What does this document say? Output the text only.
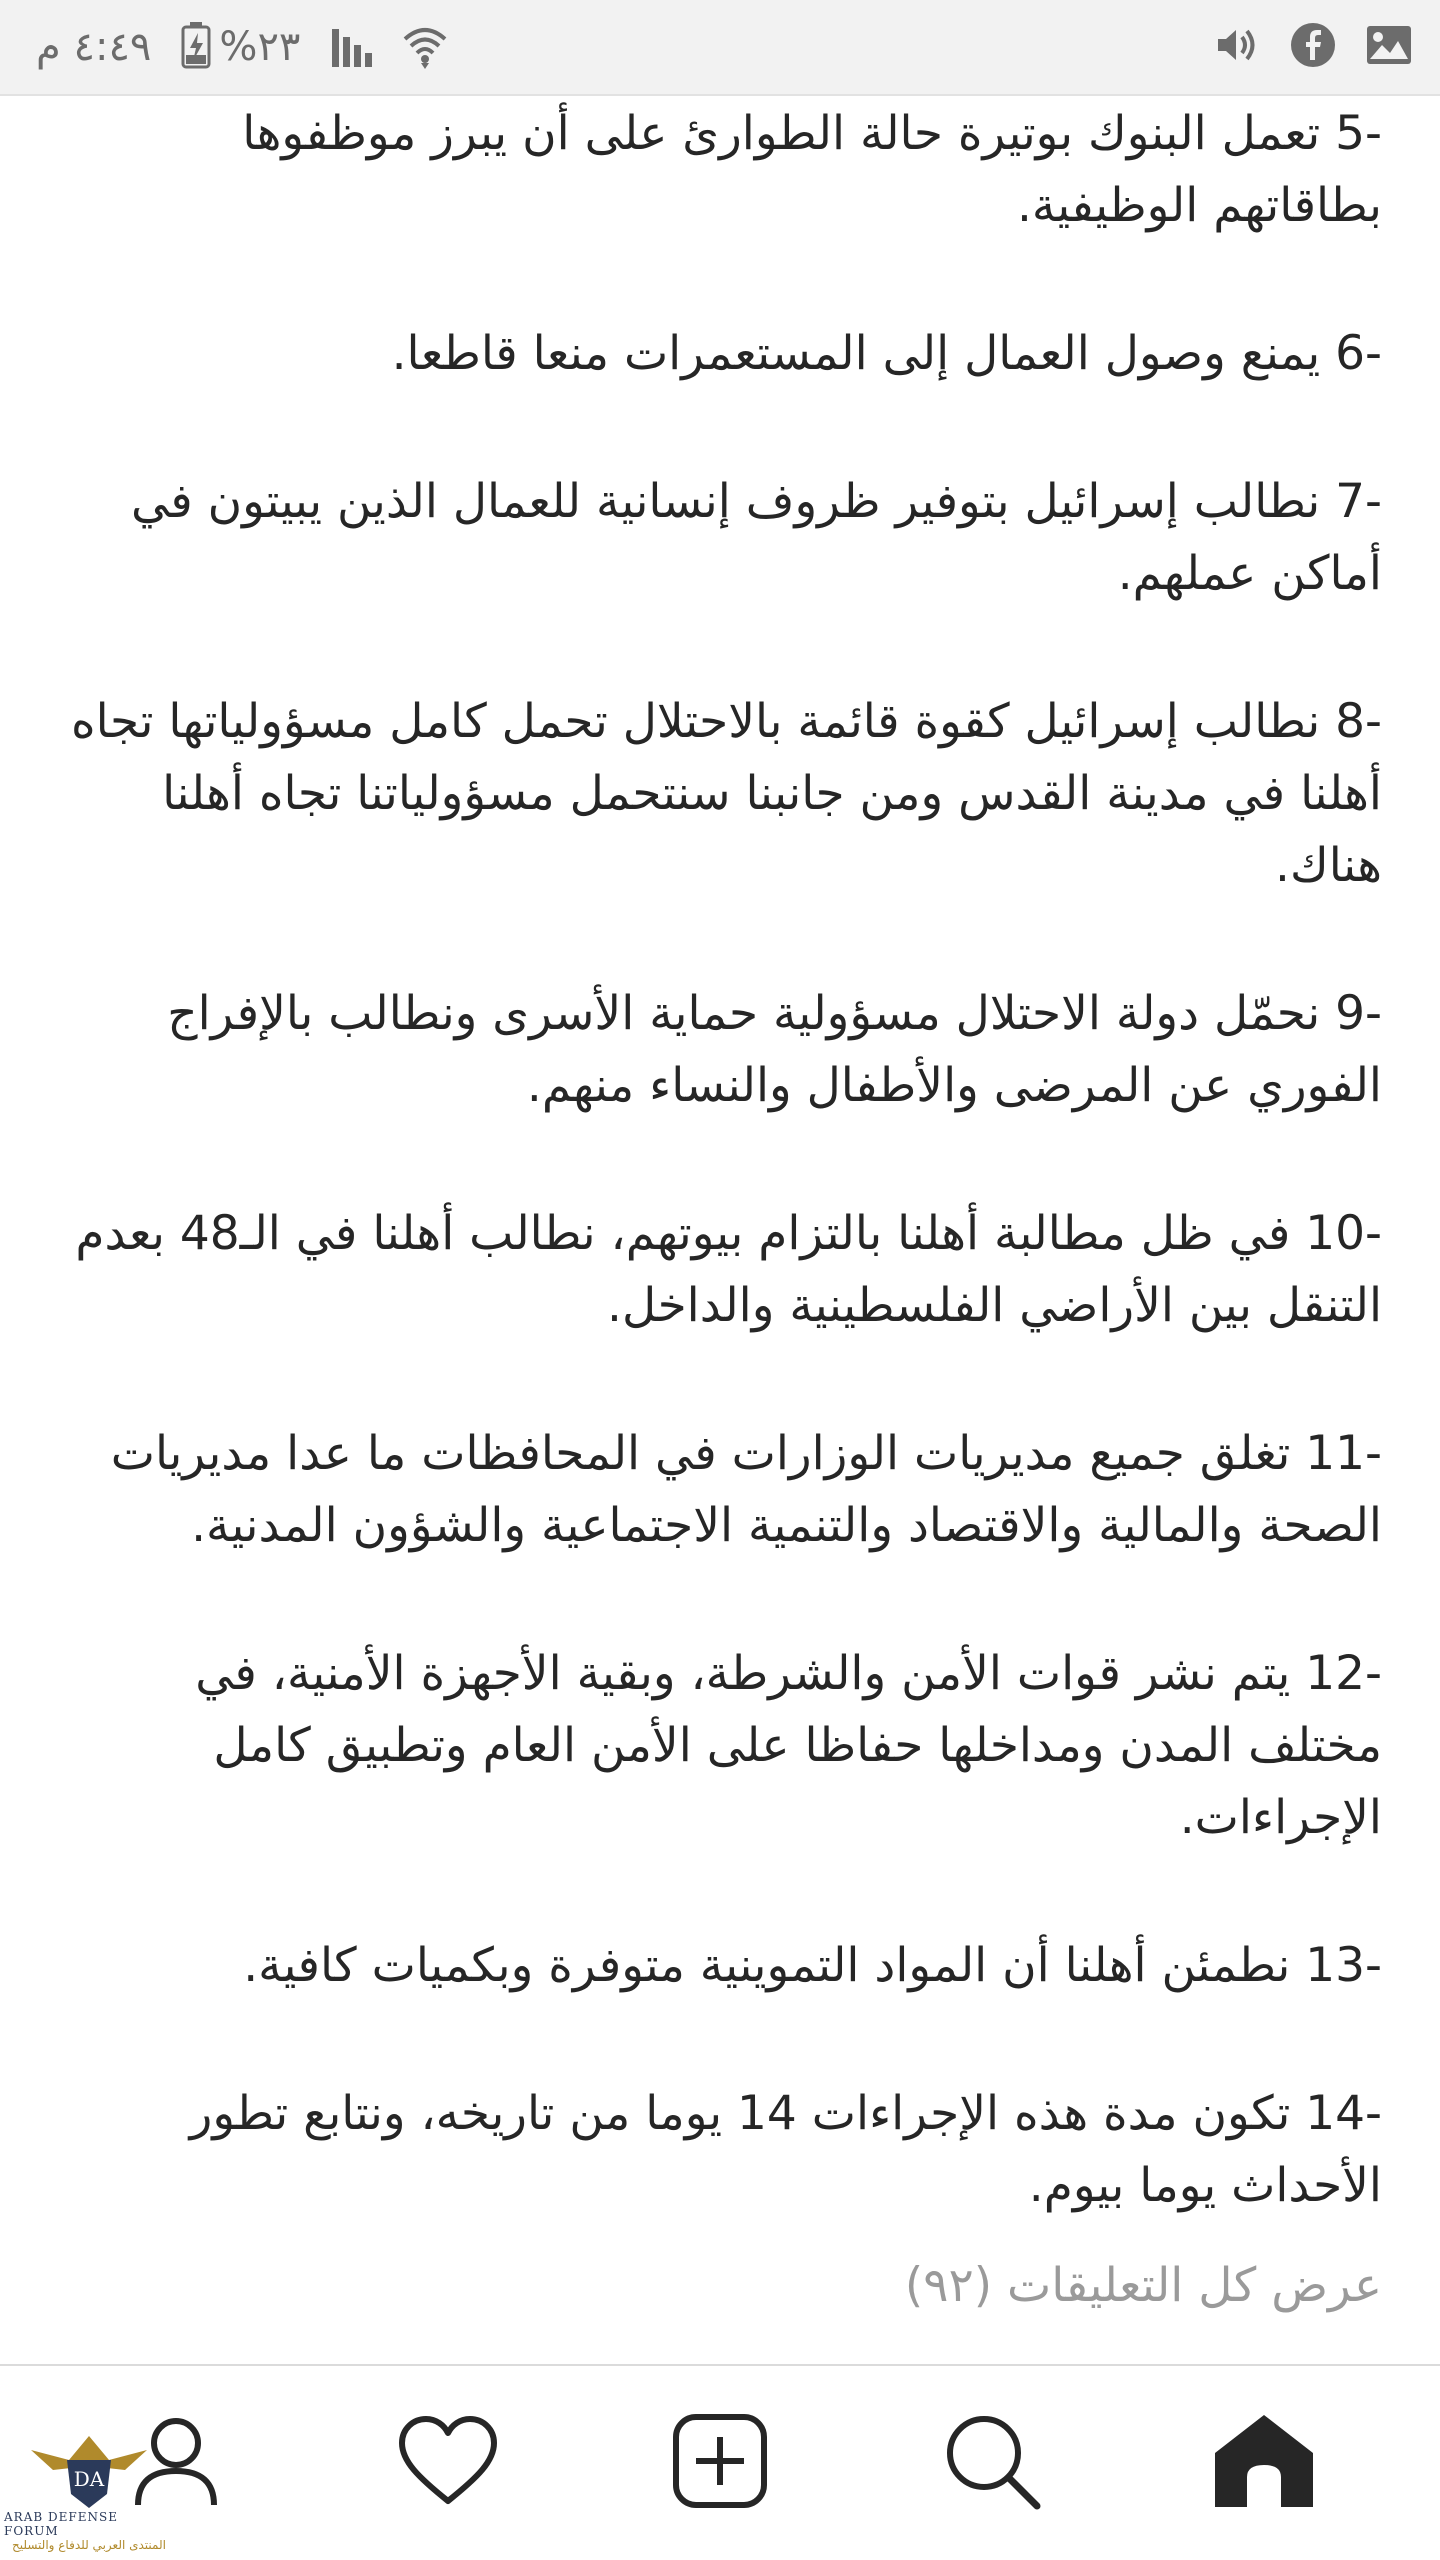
٤:٤٩ م %٢٣

5- تعمل البنوك بوتيرة حالة الطوارئ على أن يبرز موظفوها بطاقاتهم الوظيفية.

6- يمنع وصول العمال إلى المستعمرات منعا قاطعا.

7- نطالب إسرائيل بتوفير ظروف إنسانية للعمال الذين يبيتون في أماكن عملهم.

8- نطالب إسرائيل كقوة قائمة بالاحتلال تحمل كامل مسؤولياتها تجاه أهلنا في مدينة القدس ومن جانبنا سنتحمل مسؤولياتنا تجاه أهلنا هناك.

9- نحمّل دولة الاحتلال مسؤولية حماية الأسرى ونطالب بالإفراج الفوري عن المرضى والأطفال والنساء منهم.

10- في ظل مطالبة أهلنا بالتزام بيوتهم، نطالب أهلنا في الـ48 بعدم التنقل بين الأراضي الفلسطينية والداخل.

11- تغلق جميع مديريات الوزارات في المحافظات ما عدا مديريات الصحة والمالية والاقتصاد والتنمية الاجتماعية والشؤون المدنية.

12- يتم نشر قوات الأمن والشرطة، وبقية الأجهزة الأمنية، في مختلف المدن ومداخلها حفاظا على الأمن العام وتطبيق كامل الإجراءات.

13- نطمئن أهلنا أن المواد التموينية متوفرة وبكميات كافية.

14- تكون مدة هذه الإجراءات 14 يوما من تاريخه، ونتابع تطور الأحداث يوما بيوم.

عرض كل التعليقات (٩٢)
DA
ARAB DEFENSE FORUM
المنتدى العربي للدفاع والتسليح
